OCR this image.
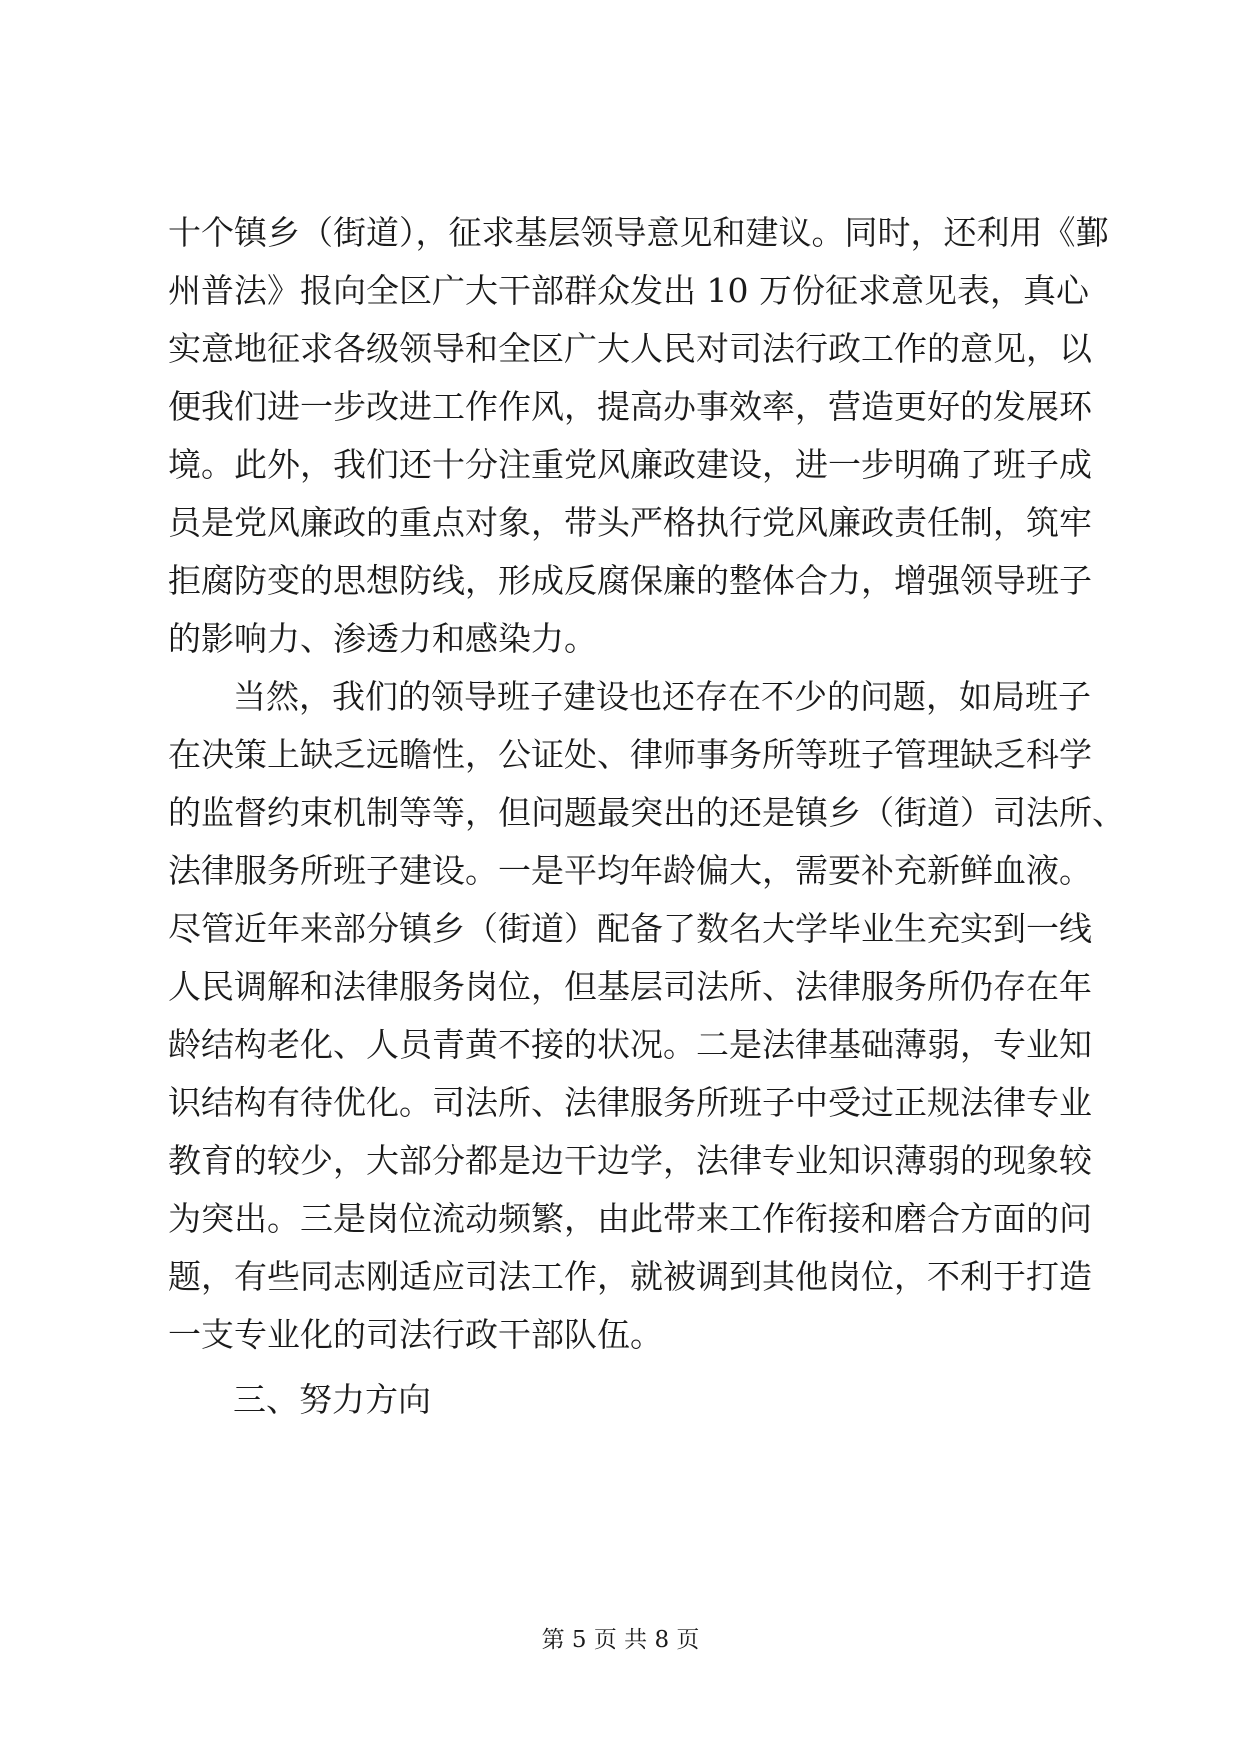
十个镇乡（街道），征求基层领导意见和建议。同时，还利用《鄞
州普法》报向全区广大干部群众发出 10 万份征求意见表，真心
实意地征求各级领导和全区广大人民对司法行政工作的意见，以
便我们进一步改进工作作风，提高办事效率，营造更好的发展环
境。此外，我们还十分注重党风廉政建设，进一步明确了班子成
员是党风廉政的重点对象，带头严格执行党风廉政责任制，筑牢
拒腐防变的思想防线，形成反腐保廉的整体合力，增强领导班子
的影响力、渗透力和感染力。
当然，我们的领导班子建设也还存在不少的问题，如局班子
在决策上缺乏远瞻性，公证处、律师事务所等班子管理缺乏科学
的监督约束机制等等，但问题最突出的还是镇乡（街道）司法所、
法律服务所班子建设。一是平均年龄偏大，需要补充新鲜血液。
尽管近年来部分镇乡（街道）配备了数名大学毕业生充实到一线
人民调解和法律服务岗位，但基层司法所、法律服务所仍存在年
龄结构老化、人员青黄不接的状况。二是法律基础薄弱，专业知
识结构有待优化。司法所、法律服务所班子中受过正规法律专业
教育的较少，大部分都是边干边学，法律专业知识薄弱的现象较
为突出。三是岗位流动频繁，由此带来工作衔接和磨合方面的问
题，有些同志刚适应司法工作，就被调到其他岗位，不利于打造
一支专业化的司法行政干部队伍。
三、努力方向
第 5 页 共 8 页
